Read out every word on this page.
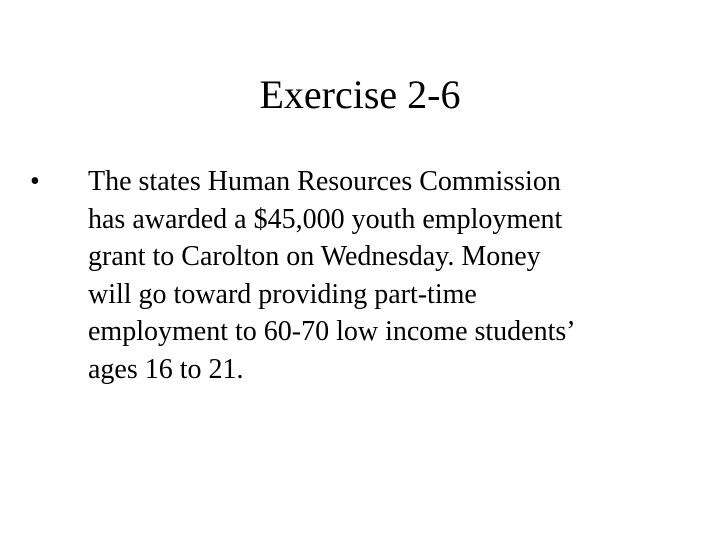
Exercise 2-6
• The states Human Resources Commission
has awarded a $45,000 youth employment
grant to Carolton on Wednesday. Money
will go toward providing part-time
employment to 60-70 low income students’
ages 16 to 21.
